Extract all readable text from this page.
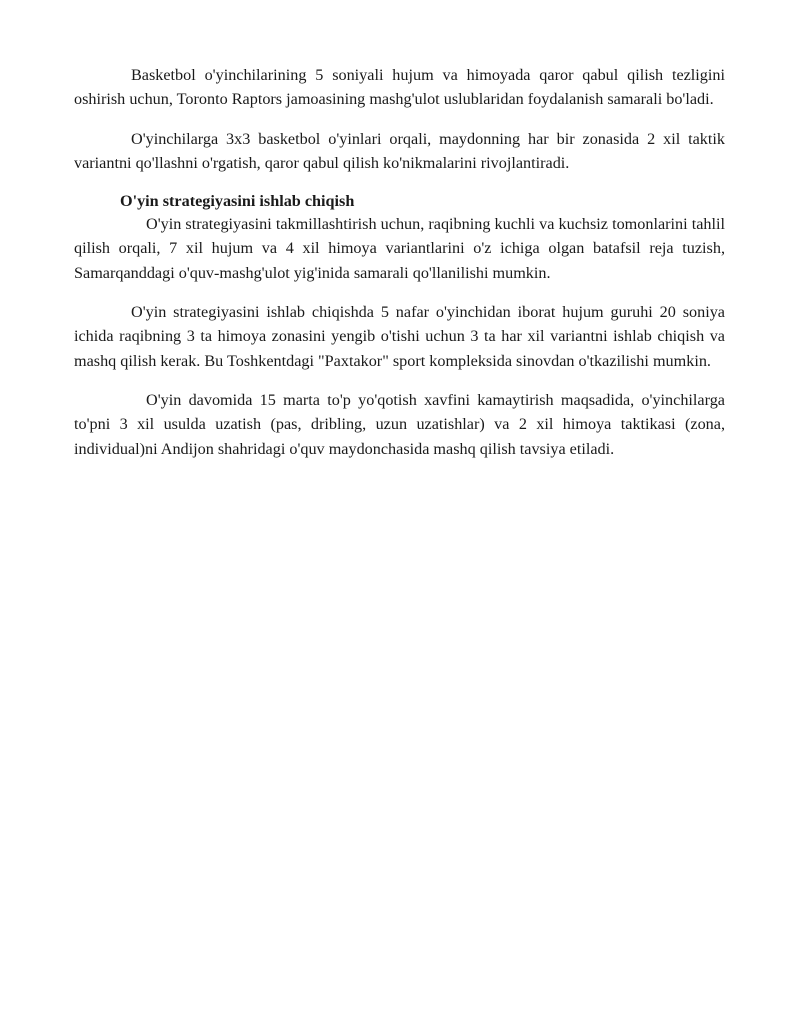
Basketbol o'yinchilarining 5 soniyali hujum va himoyada qaror qabul qilish tezligini oshirish uchun, Toronto Raptors jamoasining mashg'ulot uslublaridan foydalanish samarali bo'ladi.

O'yinchilarga 3x3 basketbol o'yinlari orqali, maydonning har bir zonasida 2 xil taktik variantni qo'llashni o'rgatish, qaror qabul qilish ko'nikmalarini rivojlantiradi.

O'yin strategiyasini ishlab chiqish

O'yin strategiyasini takmillashtirish uchun, raqibning kuchli va kuchsiz tomonlarini tahlil qilish orqali, 7 xil hujum va 4 xil himoya variantlarini o'z ichiga olgan batafsil reja tuzish, Samarqanddagi o'quv-mashg'ulot yig'inida samarali qo'llanilishi mumkin.

O'yin strategiyasini ishlab chiqishda 5 nafar o'yinchidan iborat hujum guruhi 20 soniya ichida raqibning 3 ta himoya zonasini yengib o'tishi uchun 3 ta har xil variantni ishlab chiqish va mashq qilish kerak. Bu Toshkentdagi "Paxtakor" sport kompleksida sinovdan o'tkazilishi mumkin.

O'yin davomida 15 marta to'p yo'qotish xavfini kamaytirish maqsadida, o'yinchilarga to'pni 3 xil usulda uzatish (pas, dribling, uzun uzatishlar) va 2 xil himoya taktikasi (zona, individual)ni Andijon shahridagi o'quv maydonchasida mashq qilish tavsiya etiladi.
